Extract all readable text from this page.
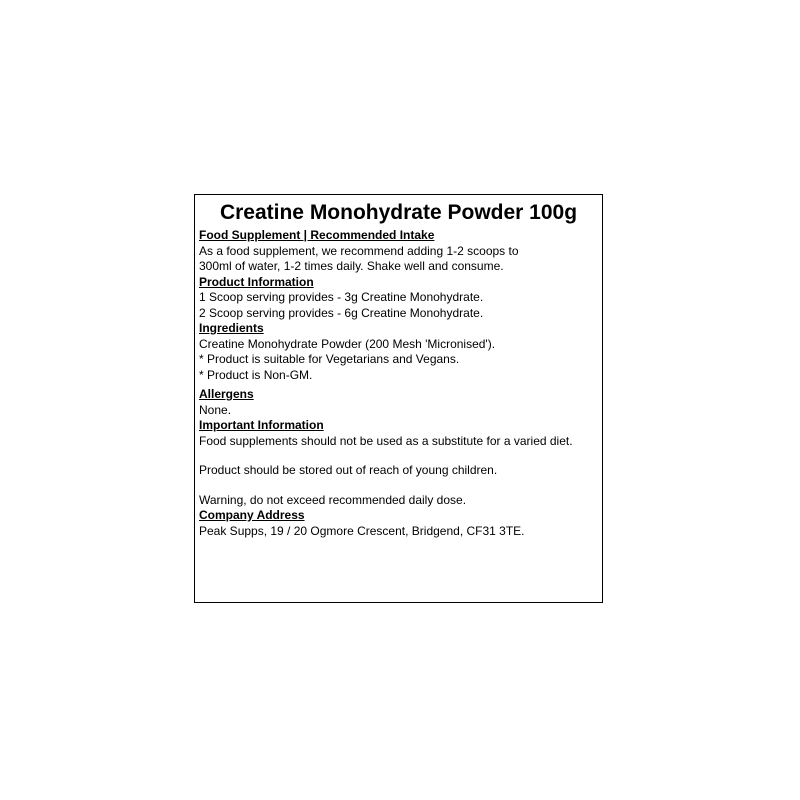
Creatine Monohydrate Powder 100g
Food Supplement | Recommended Intake
As a food supplement, we recommend adding 1-2 scoops to
300ml of water, 1-2 times daily. Shake well and consume.
Product Information
1 Scoop serving provides - 3g Creatine Monohydrate.
2 Scoop serving provides - 6g Creatine Monohydrate.
Ingredients
Creatine Monohydrate Powder (200 Mesh 'Micronised').
* Product is suitable for Vegetarians and Vegans.
* Product is Non-GM.
Allergens
None.
Important Information
Food supplements should not be used as a substitute for a varied diet.
Product should be stored out of reach of young children.
Warning, do not exceed recommended daily dose.
Company Address
Peak Supps, 19 / 20 Ogmore Crescent, Bridgend, CF31 3TE.
